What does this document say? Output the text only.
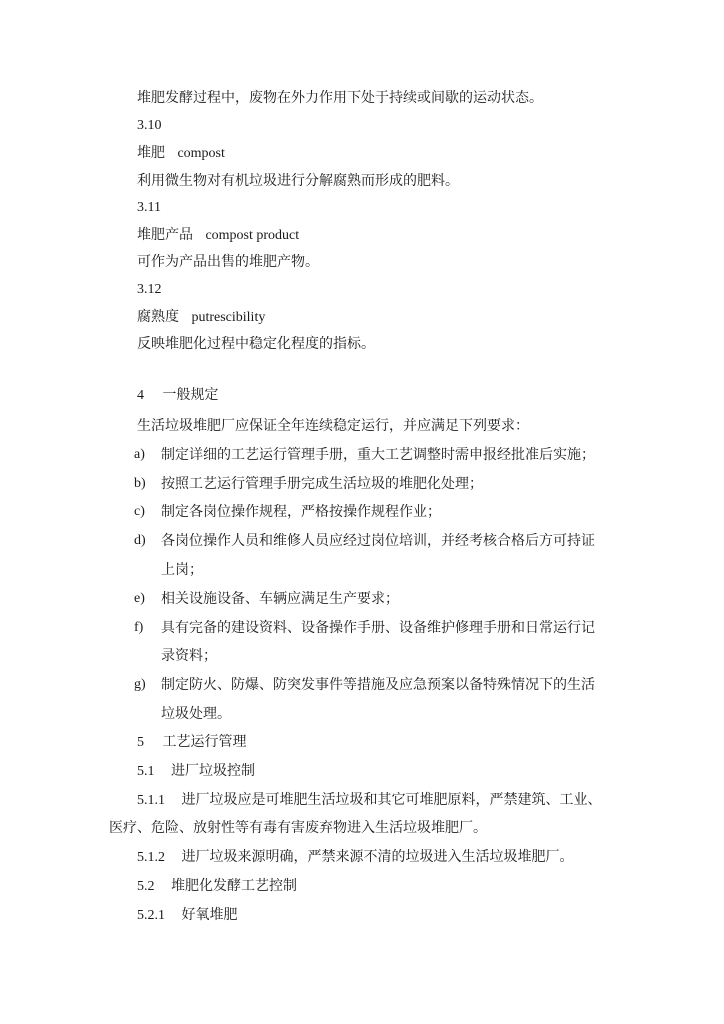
堆肥发酵过程中，废物在外力作用下处于持续或间歇的运动状态。
3.10
堆肥 compost
利用微生物对有机垃圾进行分解腐熟而形成的肥料。
3.11
堆肥产品 compost product
可作为产品出售的堆肥产物。
3.12
腐熟度 putrescibility
反映堆肥化过程中稳定化程度的指标。
4 一般规定
生活垃圾堆肥厂应保证全年连续稳定运行，并应满足下列要求：
a) 制定详细的工艺运行管理手册，重大工艺调整时需申报经批准后实施；
b) 按照工艺运行管理手册完成生活垃圾的堆肥化处理；
c) 制定各岗位操作规程，严格按操作规程作业；
d) 各岗位操作人员和维修人员应经过岗位培训，并经考核合格后方可持证
上岗；
e) 相关设施设备、车辆应满足生产要求；
f) 具有完备的建设资料、设备操作手册、设备维护修理手册和日常运行记
录资料；
g) 制定防火、防爆、防突发事件等措施及应急预案以备特殊情况下的生活
垃圾处理。
5 工艺运行管理
5.1 进厂垃圾控制
5.1.1 进厂垃圾应是可堆肥生活垃圾和其它可堆肥原料，严禁建筑、工业、
医疗、危险、放射性等有毒有害废弃物进入生活垃圾堆肥厂。
5.1.2 进厂垃圾来源明确，严禁来源不清的垃圾进入生活垃圾堆肥厂。
5.2 堆肥化发酵工艺控制
5.2.1 好氧堆肥
